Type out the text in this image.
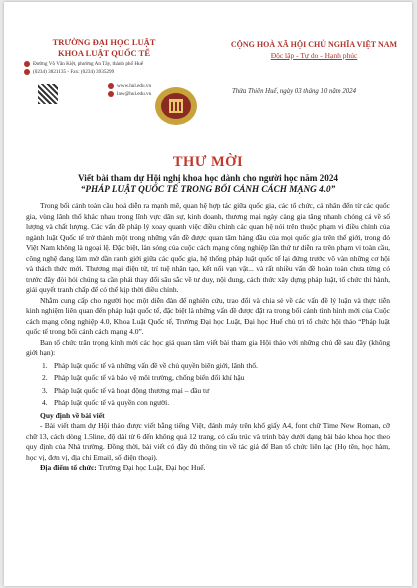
TRƯỜNG ĐẠI HỌC LUẬT
KHOA LUẬT QUỐC TẾ
Đường Võ Văn Kiệt, phường An Tây, thành phố Huế
(0234) 3821135 - Fax: (0234) 3935299
www.hul.edu.vn
law@hul.edu.vn
CỘNG HOÀ XÃ HỘI CHỦ NGHĨA VIỆT NAM
Độc lập - Tự do - Hạnh phúc
Thừa Thiên Huế, ngày 03 tháng 10 năm 2024
THƯ MỜI
Viết bài tham dự Hội nghị khoa học dành cho người học năm 2024
“PHÁP LUẬT QUỐC TẾ TRONG BỐI CẢNH CÁCH MẠNG 4.0”

Trong bối cảnh toàn cầu hoá diễn ra mạnh mẽ, quan hệ hợp tác giữa quốc gia, các tổ chức, cá nhân đến từ các quốc gia, vùng lãnh thổ khác nhau trong lĩnh vực dân sự, kinh doanh, thương mại ngày càng gia tăng nhanh chóng cả về số lượng và chất lượng. Các vấn đề pháp lý xoay quanh việc điều chỉnh các quan hệ nói trên thuộc phạm vi điều chỉnh của ngành luật Quốc tế trở thành một trong những vấn đề được quan tâm hàng đầu của mọi quốc gia trên thế giới, trong đó Việt Nam không là ngoại lệ. Đặc biệt, làn sóng của cuộc cách mạng công nghiệp lần thứ tư diễn ra trên phạm vi toàn cầu, công nghệ đang làm mờ dần ranh giới giữa các quốc gia, hệ thống pháp luật quốc tế lại đứng trước vô vàn những cơ hội và thách thức mới. Thương mại điện tử, trí tuệ nhân tạo, kết nối vạn vật... và rất nhiều vấn đề hoàn toàn chưa từng có trước đây đòi hỏi chúng ta cần phải thay đổi sâu sắc về tư duy, nội dung, cách thức xây dựng pháp luật, tổ chức thi hành, giải quyết tranh chấp để có thể kịp thời điều chỉnh.

Nhằm cung cấp cho người học một diễn đàn để nghiên cứu, trao đổi và chia sẻ về các vấn đề lý luận và thực tiễn kinh nghiệm liên quan đến pháp luật quốc tế, đặc biệt là những vấn đề được đặt ra trong bối cảnh tình hình mới của Cuộc cách mạng công nghiệp 4.0, Khoa Luật Quốc tế, Trường Đại học Luật, Đại học Huế chủ trì tổ chức hội thảo “Pháp luật quốc tế trong bối cảnh cách mạng 4.0”.

Ban tổ chức trân trọng kính mời các học giả quan tâm viết bài tham gia Hội thảo với những chủ đề sau đây (không giới hạn):

1. Pháp luật quốc tế và những vấn đề về chủ quyền biên giới, lãnh thổ.
2. Pháp luật quốc tế và bảo vệ môi trường, chống biến đổi khí hậu
3. Pháp luật quốc tế và hoạt động thương mại – đầu tư
4. Pháp luật quốc tế và quyền con người.

Quy định về bài viết

- Bài viết tham dự Hội thảo được viết bằng tiếng Việt, đánh máy trên khổ giấy A4, font chữ Time New Roman, cỡ chữ 13, cách dòng 1.5line, độ dài từ 6 đến không quá 12 trang, có cấu trúc và trình bày dưới dạng bài báo khoa học theo quy định của Nhà trường. Đồng thời, bài viết có đầy đủ thông tin về tác giả để Ban tổ chức liên lạc (Họ tên, học hàm, học vị, đơn vị, địa chỉ Email, số điện thoại).

Địa điểm tổ chức: Trường Đại học Luật, Đại học Huế.
